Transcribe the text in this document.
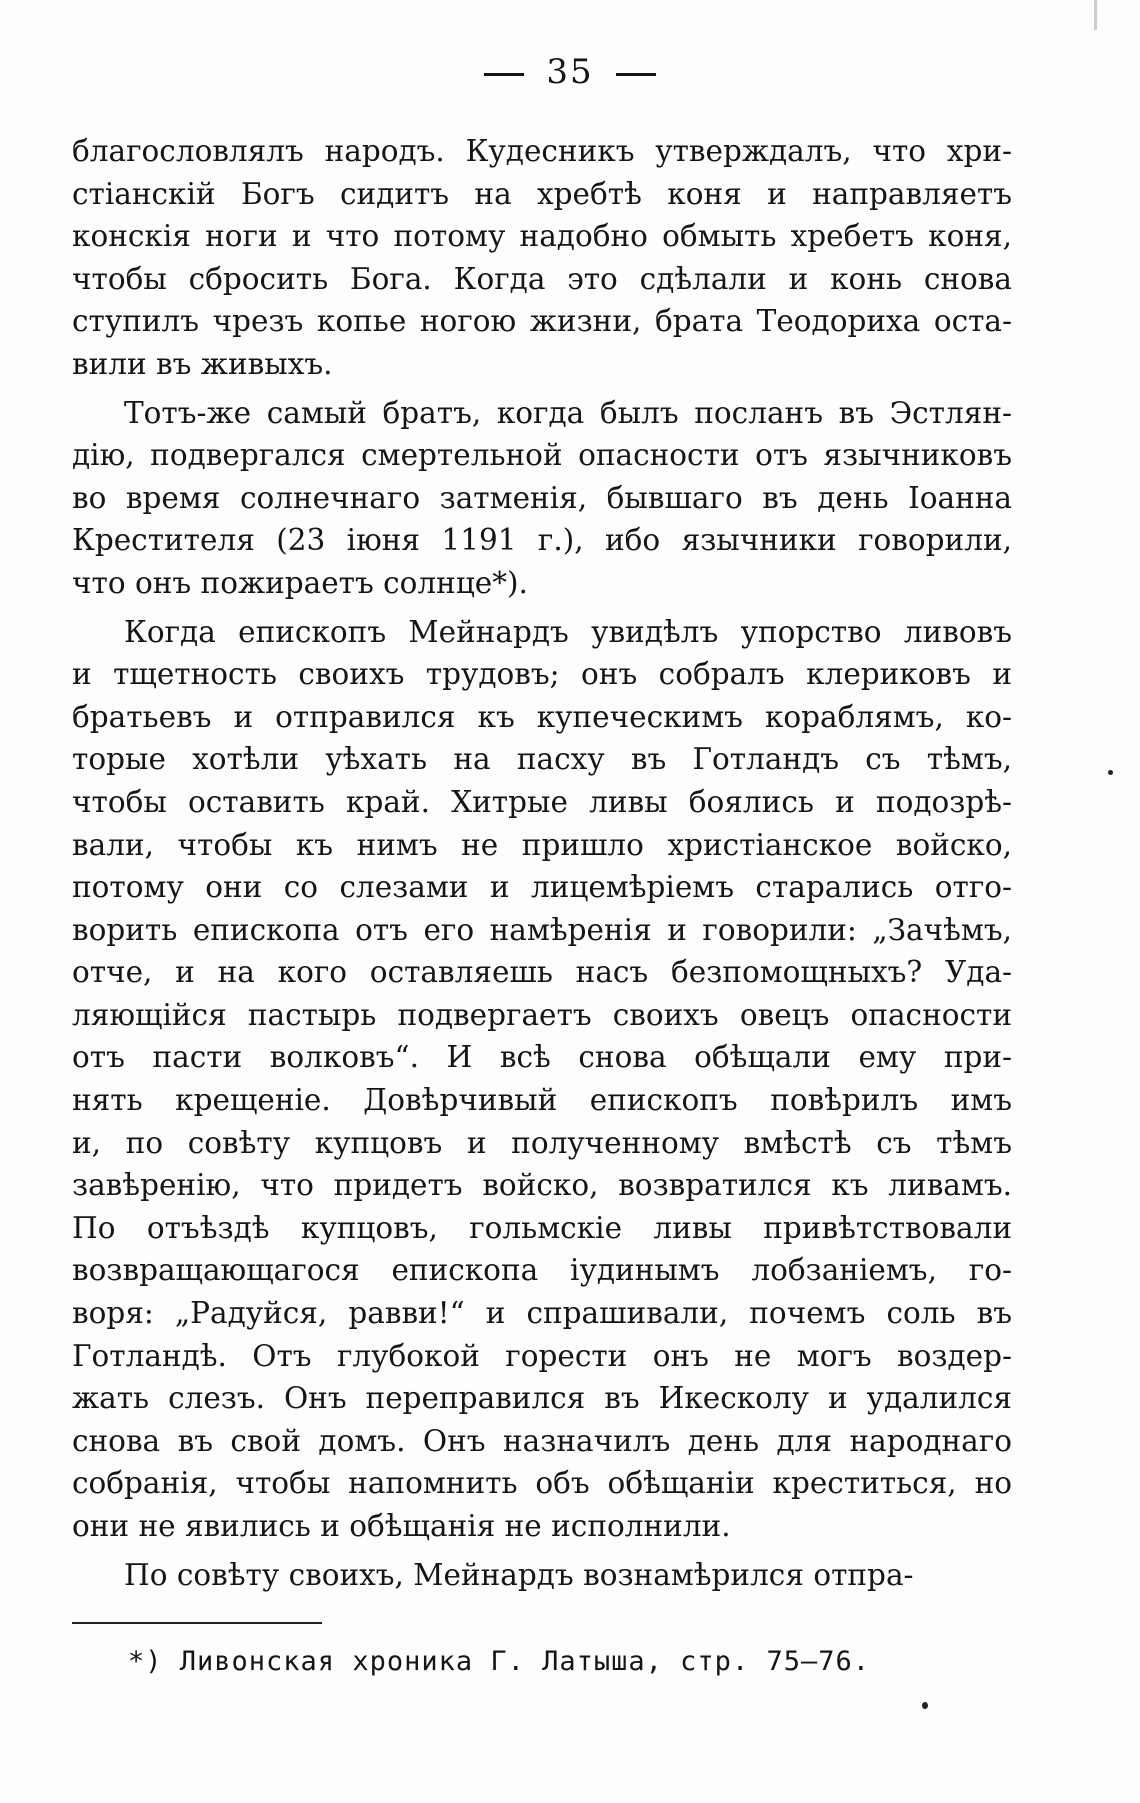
35
благословлялъ народъ. Кудесникъ утверждалъ, что хри-
стіанскій Богъ сидитъ на хребтѣ коня и направляетъ
конскія ноги и что потому надобно обмыть хребетъ коня,
чтобы сбросить Бога. Когда это сдѣлали и конь снова
ступилъ чрезъ копье ногою жизни, брата Теодориха оста-
вили въ живыхъ.
Тотъ-же самый братъ, когда былъ посланъ въ Эстлян-
дію, подвергался смертельной опасности отъ язычниковъ
во время солнечнаго затменія, бывшаго въ день Іоанна
Крестителя (23 іюня 1191 г.), ибо язычники говорили,
что онъ пожираетъ солнце*).
Когда епископъ Мейнардъ увидѣлъ упорство ливовъ
и тщетность своихъ трудовъ; онъ собралъ клериковъ и
братьевъ и отправился къ купеческимъ кораблямъ, ко-
торые хотѣли уѣхать на пасху въ Готландъ съ тѣмъ,
чтобы оставить край. Хитрые ливы боялись и подозрѣ-
вали, чтобы къ нимъ не пришло христіанское войско,
потому они со слезами и лицемѣріемъ старались отго-
ворить епископа отъ его намѣренія и говорили: „Зачѣмъ,
отче, и на кого оставляешь насъ безпомощныхъ? Уда-
ляющійся пастырь подвергаетъ своихъ овецъ опасности
отъ пасти волковъ“. И всѣ снова обѣщали ему при-
нять крещеніе. Довѣрчивый епископъ повѣрилъ имъ
и, по совѣту купцовъ и полученному вмѣстѣ съ тѣмъ
завѣренію, что придетъ войско, возвратился къ ливамъ.
По отъѣздѣ купцовъ, гольмскіе ливы привѣтствовали
возвращающагося епископа іудинымъ лобзаніемъ, го-
воря: „Радуйся, равви!“ и спрашивали, почемъ соль въ
Готландѣ. Отъ глубокой горести онъ не могъ воздер-
жать слезъ. Онъ переправился въ Икесколу и удалился
снова въ свой домъ. Онъ назначилъ день для народнаго
собранія, чтобы напомнить объ обѣщаніи креститься, но
они не явились и обѣщанія не исполнили.
По совѣту своихъ, Мейнардъ вознамѣрился отпра-
*) Ливонская хроника Г. Латыша, стр. 75—76.
